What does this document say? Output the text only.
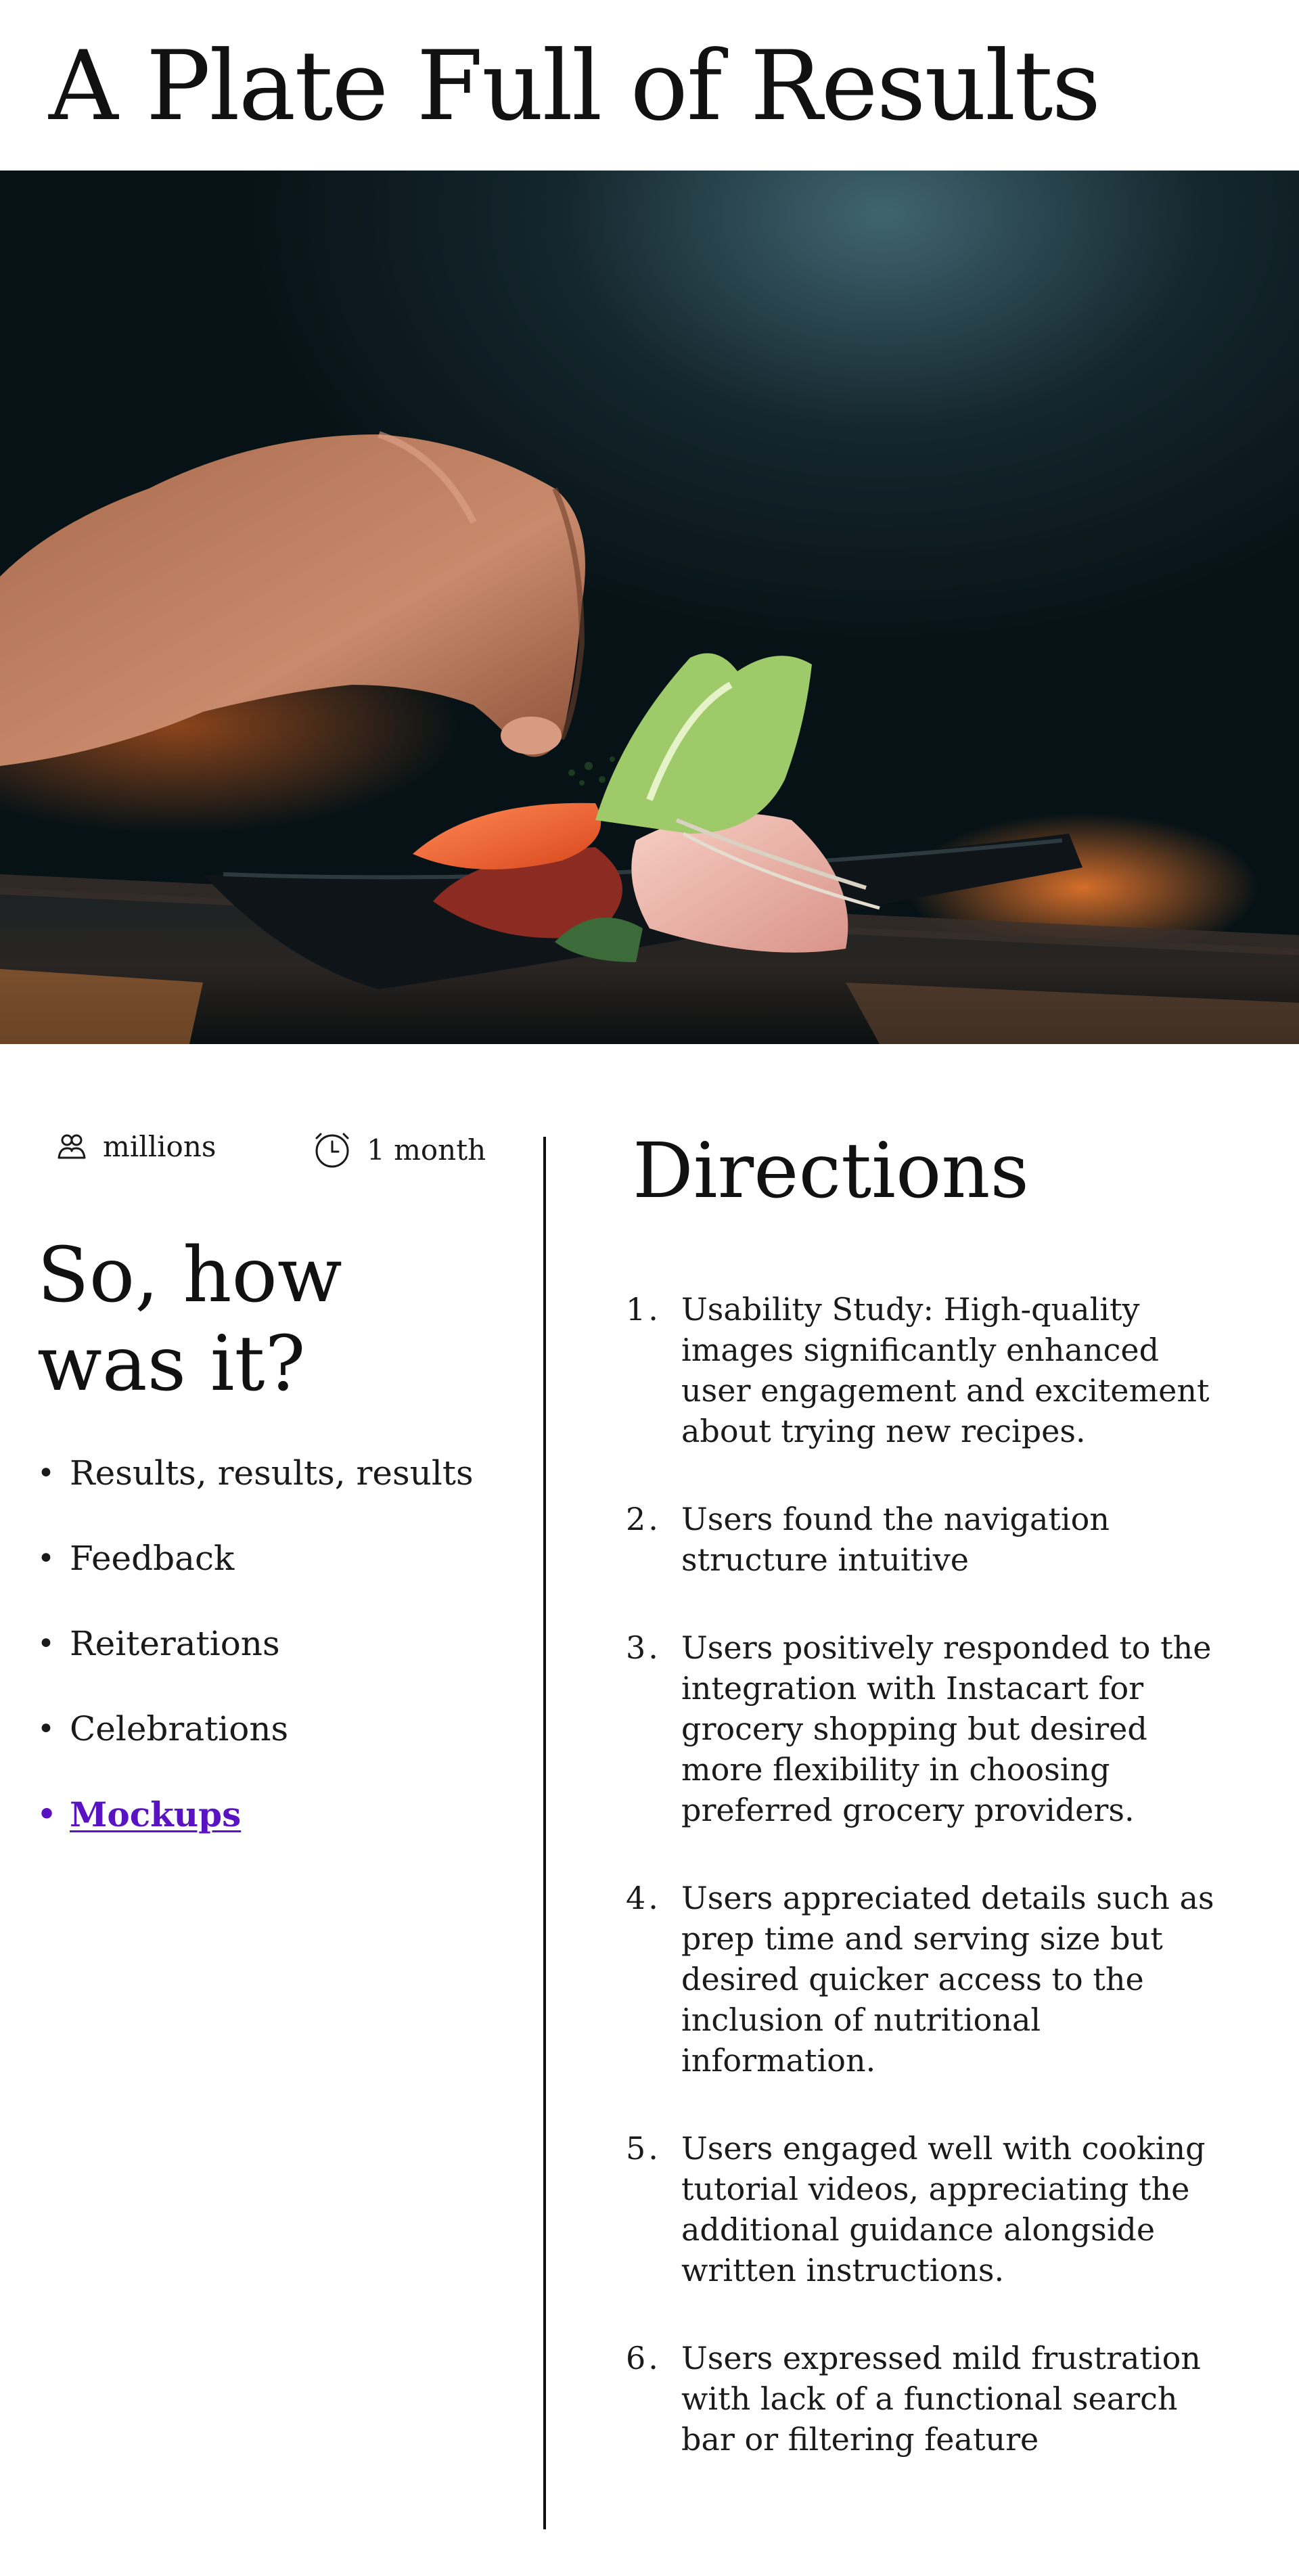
A Plate Full of Results
millions	1 month
So, how was it?
• Results, results, results
• Feedback
• Reiterations
• Celebrations
• Mockups
Directions
1. Usability Study: High-quality images significantly enhanced user engagement and excitement about trying new recipes.
2. Users found the navigation structure intuitive
3. Users positively responded to the integration with Instacart for grocery shopping but desired more flexibility in choosing preferred grocery providers.
4. Users appreciated details such as prep time and serving size but desired quicker access to the inclusion of nutritional information.
5. Users engaged well with cooking tutorial videos, appreciating the additional guidance alongside written instructions.
6. Users expressed mild frustration with lack of a functional search bar or filtering feature
